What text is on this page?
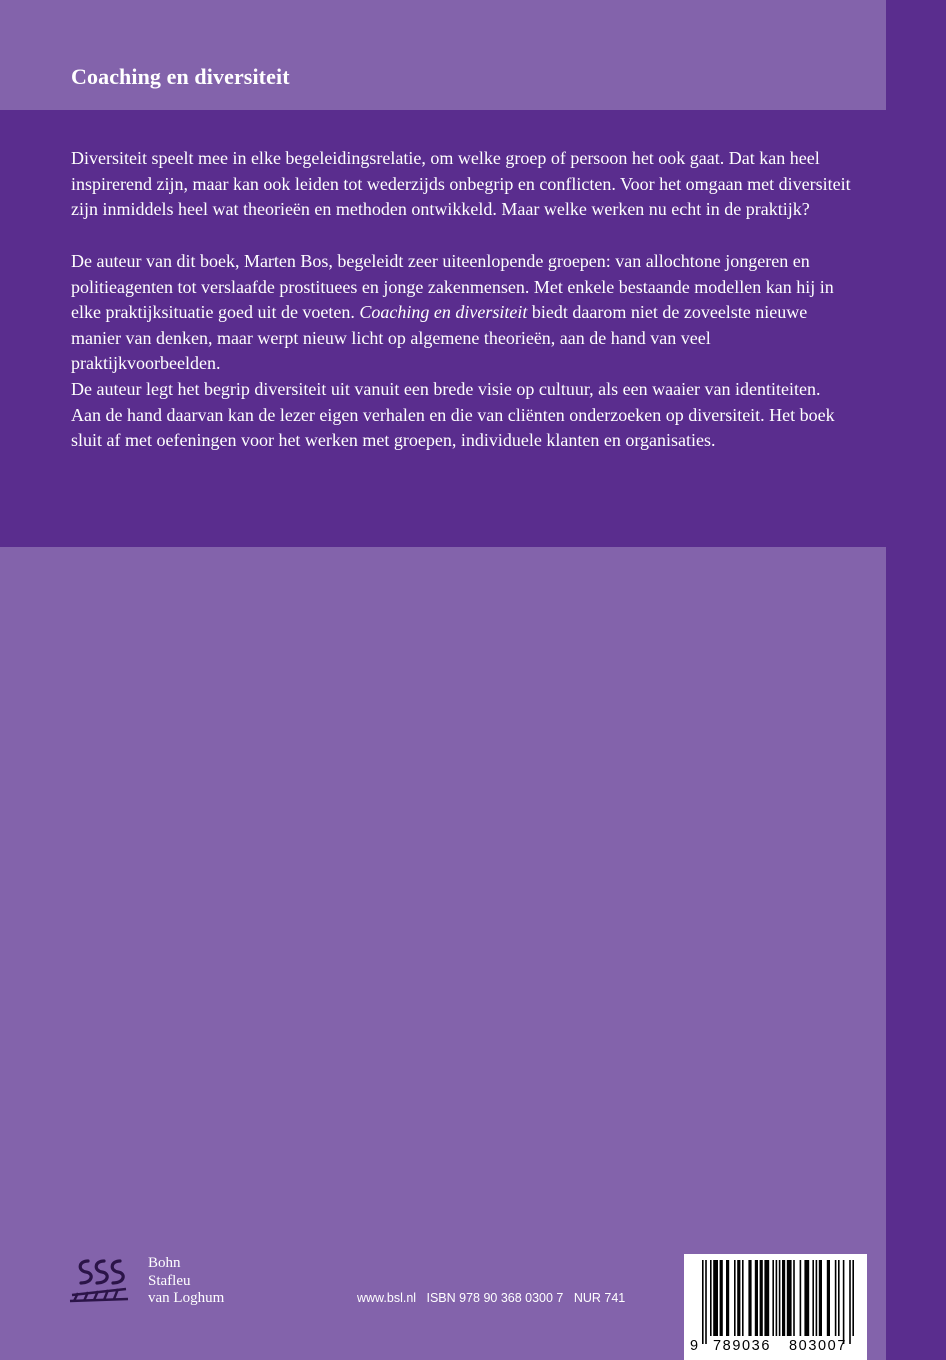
Coaching en diversiteit

Diversiteit speelt mee in elke begeleidingsrelatie, om welke groep of persoon het ook gaat. Dat kan heel inspirerend zijn, maar kan ook leiden tot wederzijds onbegrip en conflicten. Voor het omgaan met diversiteit zijn inmiddels heel wat theorieën en methoden ontwikkeld. Maar welke werken nu echt in de praktijk?

De auteur van dit boek, Marten Bos, begeleidt zeer uiteenlopende groepen: van allochtone jongeren en politieagenten tot verslaafde prostituees en jonge zakenmensen. Met enkele bestaande modellen kan hij in elke praktijksituatie goed uit de voeten. Coaching en diversiteit biedt daarom niet de zoveelste nieuwe manier van denken, maar werpt nieuw licht op algemene theorieën, aan de hand van veel praktijkvoorbeelden.

De auteur legt het begrip diversiteit uit vanuit een brede visie op cultuur, als een waaier van identiteiten. Aan de hand daarvan kan de lezer eigen verhalen en die van cliënten onderzoeken op diversiteit. Het boek sluit af met oefeningen voor het werken met groepen, individuele klanten en organisaties.

Bohn
Stafleu
van Loghum	www.bsl.nl ISBN 978 90 368 0300 7 NUR 741
9 789036 803007
